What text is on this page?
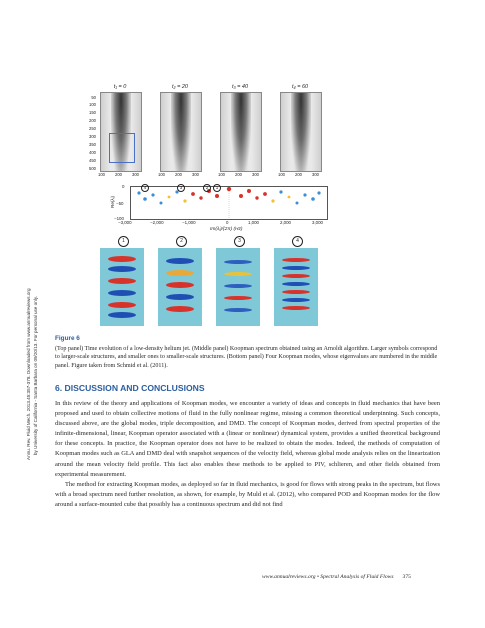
Annu. Rev. Fluid Mech. 2013.45:357-378. Downloaded from www.annualreviews.org by University of California - Santa Barbara on 09/20/13. For personal use only.
t₁ = 0	t₂ = 20	t₃ = 40	t₄ = 60
50
100
150
200
250
300
350
400
450
500
100 200 300	100 200 300	100 200 300	100 200 300
Re(λⱼ)
0
−50
−100
4	3	2	1
−3,000	−2,000	−1,000	0	1,000	2,000	3,000
Im(λⱼ)/(2π) (Hz)
1	2	3	4
Figure 6
(Top panel) Time evolution of a low-density helium jet. (Middle panel) Koopman spectrum obtained using an Arnoldi algorithm. Larger symbols correspond to larger-scale structures, and smaller ones to smaller-scale structures. (Bottom panel) Four Koopman modes, whose eigenvalues are numbered in the middle panel. Figure taken from Schmid et al. (2011).
6. DISCUSSION AND CONCLUSIONS

In this review of the theory and applications of Koopman modes, we encounter a variety of ideas and concepts in fluid mechanics that have been proposed and used to obtain collective motions of fluid in the fully nonlinear regime, missing a common theoretical underpinning. Such concepts, discussed above, are the global modes, triple decomposition, and DMD. The concept of Koopman modes, derived from spectral properties of the infinite-dimensional, linear, Koopman operator associated with a (linear or nonlinear) dynamical system, provides a unified theoretical background for these concepts. In practice, the Koopman operator does not have to be realized to obtain the modes. Indeed, the methods of computation of Koopman modes such as GLA and DMD deal with snapshot sequences of the velocity field, whereas global mode analysis relies on the linearization around the mean velocity field profile. This fact also enables these methods to be applied to PIV, schlieren, and other fields obtained from experimental measurement.

The method for extracting Koopman modes, as deployed so far in fluid mechanics, is good for flows with strong peaks in the spectrum, but flows with a broad spectrum need further resolution, as shown, for example, by Muld et al. (2012), who compared POD and Koopman modes for the flow around a surface-mounted cube that possibly has a continuous spectrum and did not find

www.annualreviews.org • Spectral Analysis of Fluid Flows 375
